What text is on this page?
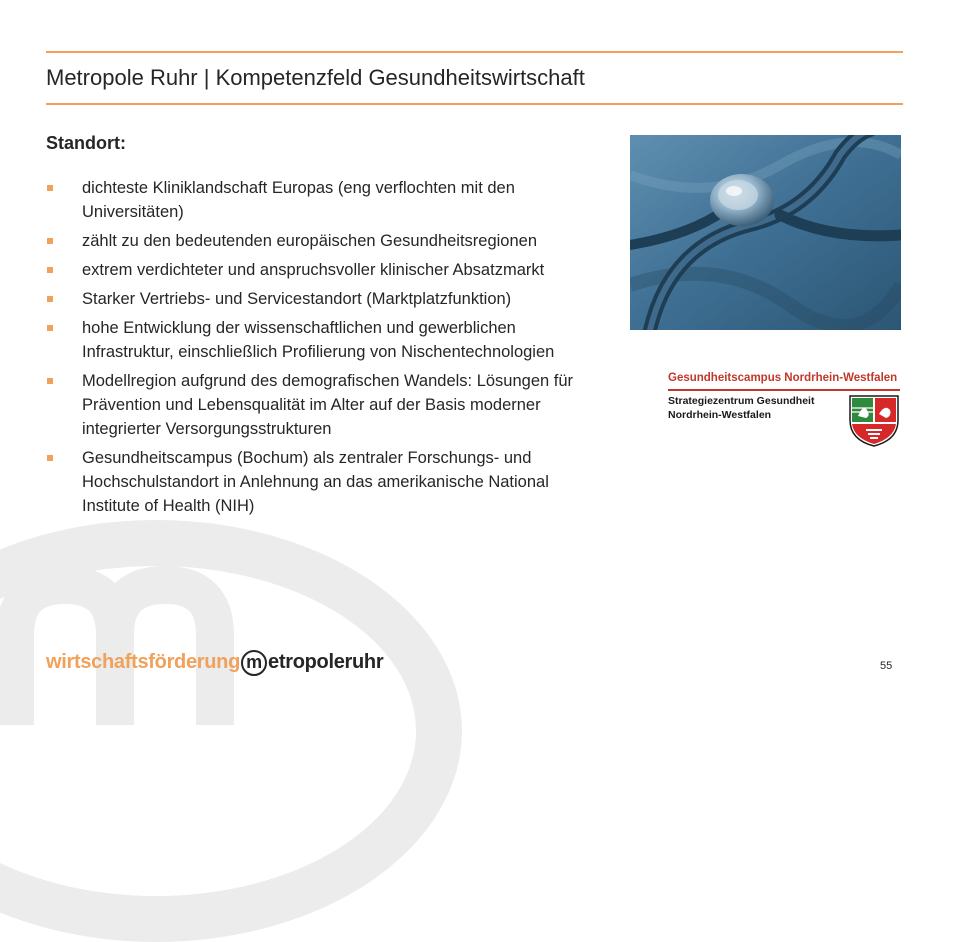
Metropole Ruhr | Kompetenzfeld Gesundheitswirtschaft
Standort:
dichteste Kliniklandschaft Europas (eng verflochten mit den Universitäten)
zählt zu den bedeutenden europäischen Gesundheitsregionen
extrem verdichteter und anspruchsvoller klinischer Absatzmarkt
Starker Vertriebs- und Servicestandort (Marktplatzfunktion)
hohe Entwicklung der wissenschaftlichen und gewerblichen Infrastruktur, einschließlich Profilierung von Nischentechnologien
Modellregion aufgrund des demografischen Wandels: Lösungen für Prävention und Lebensqualität im Alter auf der Basis moderner integrierter Versorgungsstrukturen
Gesundheitscampus (Bochum) als zentraler Forschungs- und Hochschulstandort in Anlehnung an das amerikanische National Institute of Health (NIH)
Gesundheitscampus Nordrhein-Westfalen
Strategiezentrum Gesundheit
Nordrhein-Westfalen
wirtschaftsförderung m etropoleruhr	55
